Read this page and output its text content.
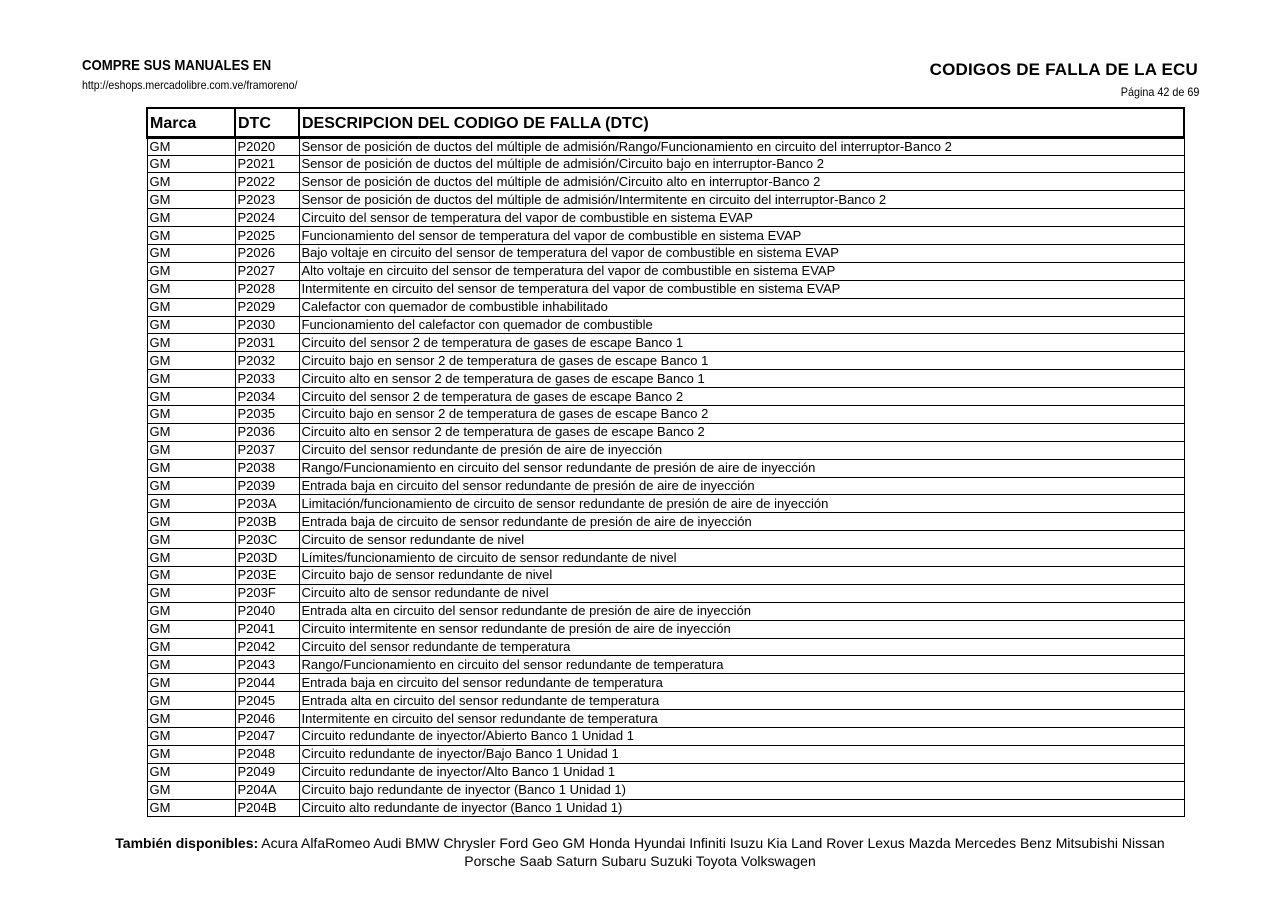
COMPRE SUS MANUALES EN
http://eshops.mercadolibre.com.ve/framoreno/
CODIGOS DE FALLA DE LA ECU
Página 42 de 69
Marca	DTC	DESCRIPCION DEL CODIGO DE FALLA (DTC)
GM	P2020	Sensor de posición de ductos del múltiple de admisión/Rango/Funcionamiento en circuito del interruptor-Banco 2
GM	P2021	Sensor de posición de ductos del múltiple de admisión/Circuito bajo en interruptor-Banco 2
GM	P2022	Sensor de posición de ductos del múltiple de admisión/Circuito alto en interruptor-Banco 2
GM	P2023	Sensor de posición de ductos del múltiple de admisión/Intermitente en circuito del interruptor-Banco 2
GM	P2024	Circuito del sensor de temperatura del vapor de combustible en sistema EVAP
GM	P2025	Funcionamiento del sensor de temperatura del vapor de combustible en sistema EVAP
GM	P2026	Bajo voltaje en circuito del sensor de temperatura del vapor de combustible en sistema EVAP
GM	P2027	Alto voltaje en circuito del sensor de temperatura del vapor de combustible en sistema EVAP
GM	P2028	Intermitente en circuito del sensor de temperatura del vapor de combustible en sistema EVAP
GM	P2029	Calefactor con quemador de combustible inhabilitado
GM	P2030	Funcionamiento del calefactor con quemador de combustible
GM	P2031	Circuito del sensor 2 de temperatura de gases de escape Banco 1
GM	P2032	Circuito bajo en sensor 2 de temperatura de gases de escape Banco 1
GM	P2033	Circuito alto en sensor 2 de temperatura de gases de escape Banco 1
GM	P2034	Circuito del sensor 2 de temperatura de gases de escape Banco 2
GM	P2035	Circuito bajo en sensor 2 de temperatura de gases de escape Banco 2
GM	P2036	Circuito alto en sensor 2 de temperatura de gases de escape Banco 2
GM	P2037	Circuito del sensor redundante de presión de aire de inyección
GM	P2038	Rango/Funcionamiento en circuito del sensor redundante de presión de aire de inyección
GM	P2039	Entrada baja en circuito del sensor redundante de presión de aire de inyección
GM	P203A	Limitación/funcionamiento de circuito de sensor redundante de presión de aire de inyección
GM	P203B	Entrada baja de circuito de sensor redundante de presión de aire de inyección
GM	P203C	Circuito de sensor redundante de nivel
GM	P203D	Límites/funcionamiento de circuito de sensor redundante de nivel
GM	P203E	Circuito bajo de sensor redundante de nivel
GM	P203F	Circuito alto de sensor redundante de nivel
GM	P2040	Entrada alta en circuito del sensor redundante de presión de aire de inyección
GM	P2041	Circuito intermitente en sensor redundante de presión de aire de inyección
GM	P2042	Circuito del sensor redundante de temperatura
GM	P2043	Rango/Funcionamiento en circuito del sensor redundante de temperatura
GM	P2044	Entrada baja en circuito del sensor redundante de temperatura
GM	P2045	Entrada alta en circuito del sensor redundante de temperatura
GM	P2046	Intermitente en circuito del sensor redundante de temperatura
GM	P2047	Circuito redundante de inyector/Abierto Banco 1 Unidad 1
GM	P2048	Circuito redundante de inyector/Bajo Banco 1 Unidad 1
GM	P2049	Circuito redundante de inyector/Alto Banco 1 Unidad 1
GM	P204A	Circuito bajo redundante de inyector (Banco 1 Unidad 1)
GM	P204B	Circuito alto redundante de inyector (Banco 1 Unidad 1)
También disponibles: Acura AlfaRomeo Audi BMW Chrysler Ford Geo GM Honda Hyundai Infiniti Isuzu Kia Land Rover Lexus Mazda Mercedes Benz Mitsubishi Nissan
Porsche Saab Saturn Subaru Suzuki Toyota Volkswagen
